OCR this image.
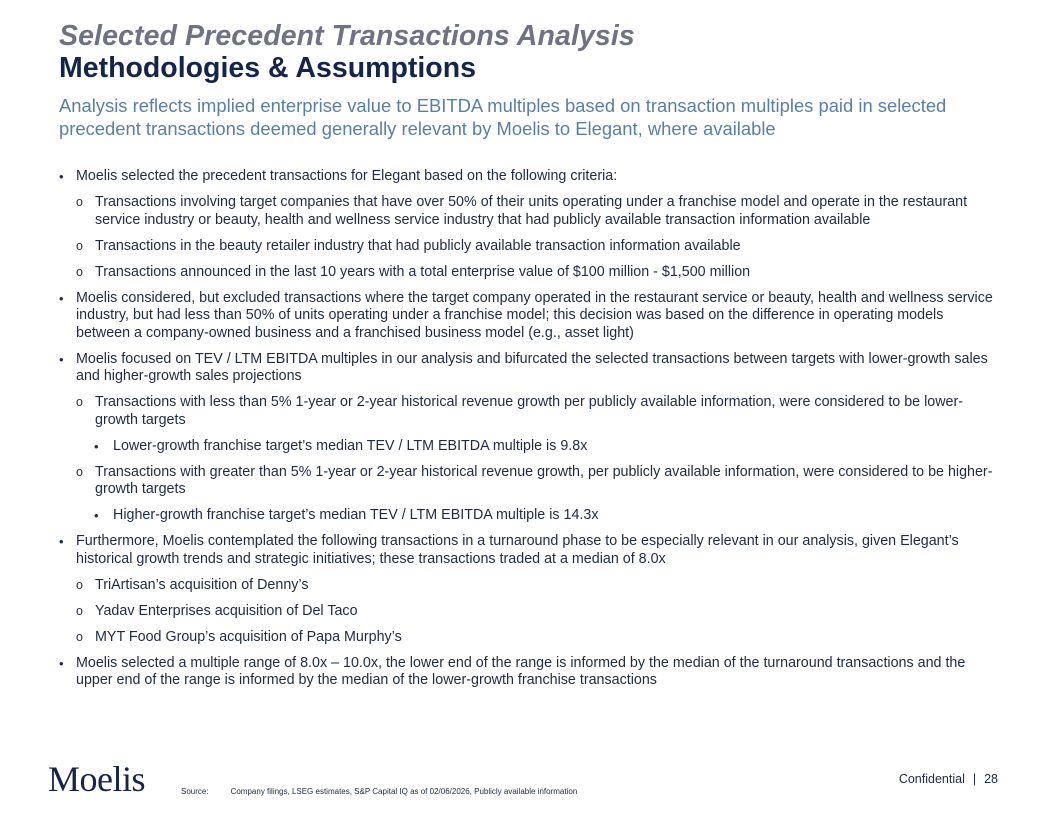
Selected Precedent Transactions Analysis
Methodologies & Assumptions
Analysis reflects implied enterprise value to EBITDA multiples based on transaction multiples paid in selected precedent transactions deemed generally relevant by Moelis to Elegant, where available
• Moelis selected the precedent transactions for Elegant based on the following criteria:
o Transactions involving target companies that have over 50% of their units operating under a franchise model and operate in the restaurant service industry or beauty, health and wellness service industry that had publicly available transaction information available
o Transactions in the beauty retailer industry that had publicly available transaction information available
o Transactions announced in the last 10 years with a total enterprise value of $100 million - $1,500 million
• Moelis considered, but excluded transactions where the target company operated in the restaurant service or beauty, health and wellness service industry, but had less than 50% of units operating under a franchise model; this decision was based on the difference in operating models between a company-owned business and a franchised business model (e.g., asset light)
• Moelis focused on TEV / LTM EBITDA multiples in our analysis and bifurcated the selected transactions between targets with lower-growth sales and higher-growth sales projections
o Transactions with less than 5% 1-year or 2-year historical revenue growth per publicly available information, were considered to be lower-growth targets
• Lower-growth franchise target’s median TEV / LTM EBITDA multiple is 9.8x
o Transactions with greater than 5% 1-year or 2-year historical revenue growth, per publicly available information, were considered to be higher-growth targets
• Higher-growth franchise target’s median TEV / LTM EBITDA multiple is 14.3x
• Furthermore, Moelis contemplated the following transactions in a turnaround phase to be especially relevant in our analysis, given Elegant’s historical growth trends and strategic initiatives; these transactions traded at a median of 8.0x
o TriArtisan’s acquisition of Denny’s
o Yadav Enterprises acquisition of Del Taco
o MYT Food Group’s acquisition of Papa Murphy’s
• Moelis selected a multiple range of 8.0x – 10.0x, the lower end of the range is informed by the median of the turnaround transactions and the upper end of the range is informed by the median of the lower-growth franchise transactions
Moelis	Source:	Company filings, LSEG estimates, S&P Capital IQ as of 02/06/2026, Publicly available information
Confidential | 28
